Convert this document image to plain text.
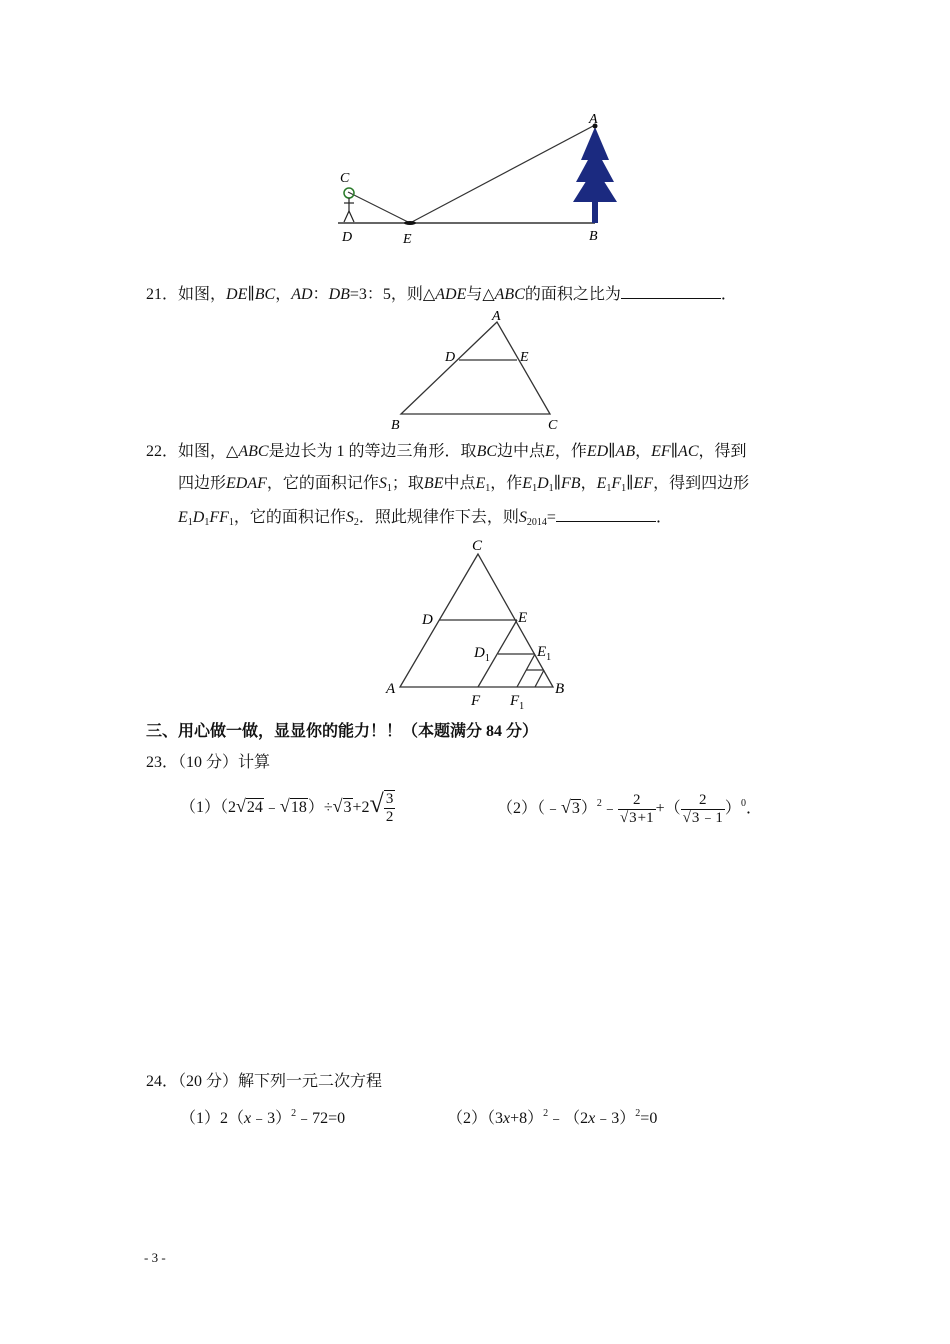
A
C
D	E	B
21．如图，DE∥BC，AD：DB=3：5，则△ADE与△ABC的面积之比为	．
A
D	E
B	C
22．如图，△ABC是边长为 1 的等边三角形．取BC边中点E，作ED∥AB，EF∥AC，得到
四边形EDAF，它的面积记作$S_1$；取BE中点$E_1$，作$E_1D_1\parallel FB$，$E_1F_1\parallel EF$，得到四边形
$E_1D_1FF_1$，它的面积记作$S_2$．照此规律作下去，则$S_{2014}=$	．
C
D	E
$D_1$	$E_1$
A
F $F_1$
B
三、用心做一做，显显你的能力！！（本题满分 84 分）
23．（10 分）计算
（1）（2√24﹣√18）÷√3+2√ $\frac{3}{2}$	（2）（﹣√3）$^2$﹣ $\frac{2}{√3+1}$ +（ $\frac{2}{√3﹣1} )^0$．
24．（20 分）解下列一元二次方程
（1）2（x﹣3）$^2$﹣72=0	$(2)(3x+8)^2﹣(2x﹣3)^2=0$
- 3 -
